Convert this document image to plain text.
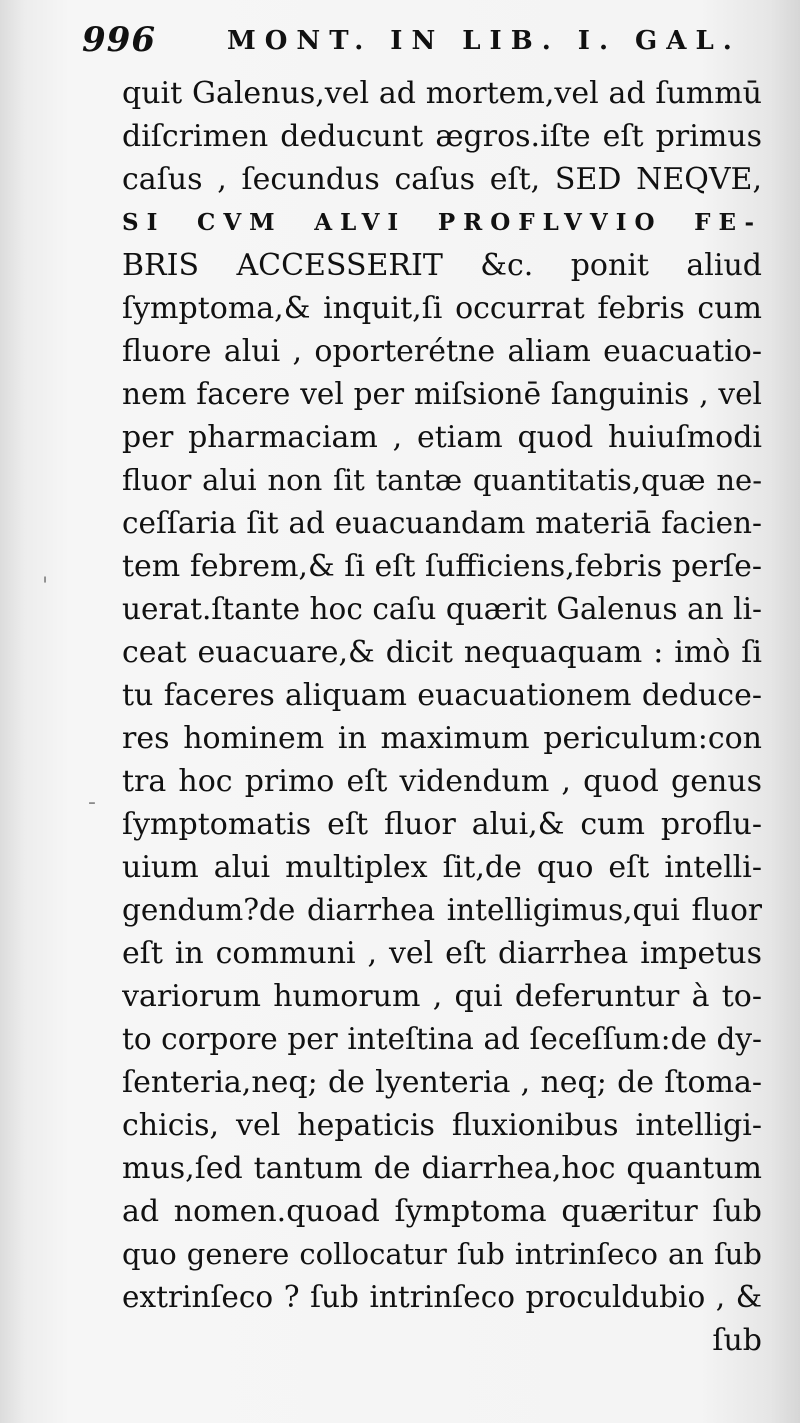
996	MONT. IN LIB. I. GAL.
'
-
quit Galenus,vel ad mortem,vel ad ſummū
diſcrimen deducunt ægros.iſte eſt primus
caſus , ſecundus caſus eſt, SED NEQVE,
SI CVM ALVI PROFLVVIO FE-
BRIS ACCESSERIT &c. ponit aliud
ſymptoma,& inquit,ſi occurrat febris cum
fluore alui , oporterétne aliam euacuatio-
nem facere vel per miſsionē ſanguinis , vel
per pharmaciam , etiam quod huiuſmodi
fluor alui non ſit tantæ quantitatis,quæ ne-
ceſſaria ſit ad euacuandam materiā facien-
tem febrem,& ſi eſt ſufficiens,febris perſe-
uerat.ſtante hoc caſu quærit Galenus an li-
ceat euacuare,& dicit nequaquam : imò ſi
tu faceres aliquam euacuationem deduce-
res hominem in maximum periculum:con
tra hoc primo eſt videndum , quod genus
ſymptomatis eſt fluor alui,& cum proflu-
uium alui multiplex ſit,de quo eſt intelli-
gendum?de diarrhea intelligimus,qui fluor
eſt in communi , vel eſt diarrhea impetus
variorum humorum , qui deferuntur à to-
to corpore per inteſtina ad ſeceſſum:de dy-
ſenteria,neq; de lyenteria , neq; de ſtoma-
chicis, vel hepaticis fluxionibus intelligi-
mus,ſed tantum de diarrhea,hoc quantum
ad nomen.quoad ſymptoma quæritur ſub
quo genere collocatur ſub intrinſeco an ſub
extrinſeco ? ſub intrinſeco proculdubio , &
ſub
